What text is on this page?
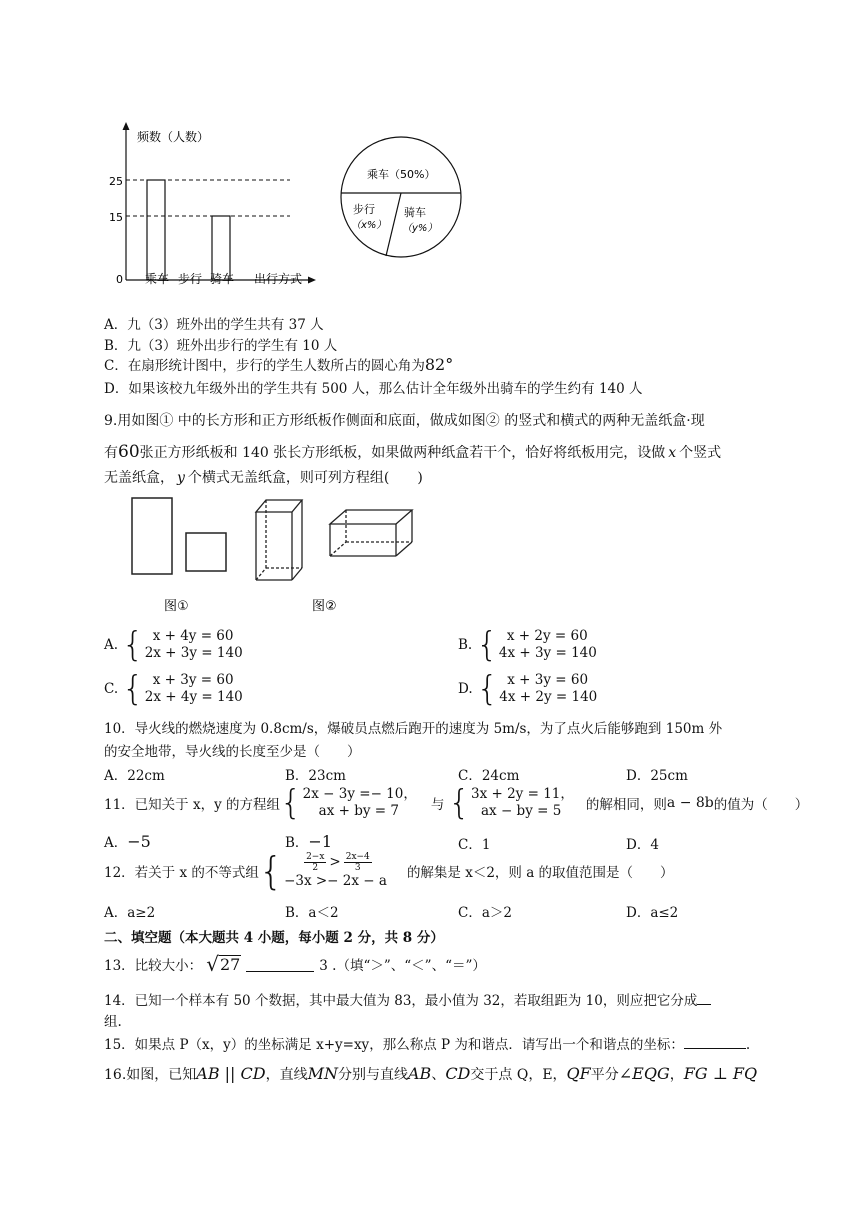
频数（人数）
25
15
0 乘车 步行 骑车 出行方式
乘车（50%）
步行
（x%）
骑车
（y%）
A．九（3）班外出的学生共有 37 人
B．九（3）班外出步行的学生有 10 人
C．在扇形统计图中，步行的学生人数所占的圆心角为82°
D．如果该校九年级外出的学生共有 500 人，那么估计全年级外出骑车的学生约有 140 人
9.用如图① 中的长方形和正方形纸板作侧面和底面，做成如图② 的竖式和横式的两种无盖纸盒·现
有60张正方形纸板和 140 张长方形纸板，如果做两种纸盒若干个，恰好将纸板用完，设做 x 个竖式
无盖纸盒， y 个横式无盖纸盒，则可列方程组(　　)
图①	图②
A. { x + 4y = 60
2x + 3y = 140	B. { x + 2y = 60
4x + 3y = 140
C. { x + 3y = 60
2x + 4y = 140	D. { x + 3y = 60
4x + 2y = 140
10．导火线的燃烧速度为 0.8cm/s，爆破员点燃后跑开的速度为 5m/s，为了点火后能够跑到 150m 外
的安全地带，导火线的长度至少是（　　）
A．22cm	B．23cm	C．24cm	D．25cm
11．已知关于 x，y 的方程组 { 2x − 3y =− 10，
ax + by = 7	与 { 3x + 2y = 11，
ax − by = 5	的解相同，则 a − 8b 的值为（　　）
A．−5	B．−1	C．1	D．4
12．若关于 x 的不等式组 { $\frac{2-x}{2} > \frac{2x-4}{3}$
−3x >− 2x − a 的解集是 x＜2，则 a 的取值范围是（　　）
A．a≥2	B．a＜2	C．a＞2	D．a≤2
二、填空题（本大题共 4 小题，每小题 2 分，共 8 分）
13．比较大小： √ 27	3 .（填“＞”、“＜”、“＝”）
14．已知一个样本有 50 个数据，其中最大值为 83，最小值为 32，若取组距为 10，则应把它分成
组.
15．如果点 P（x，y）的坐标满足 x+y=xy，那么称点 P 为和谐点．请写出一个和谐点的坐标：	.
16.如图，已知AB || CD，直线MN分别与直线AB、CD交于点 Q，E，QF平分∠EQG，FG ⊥ FQ
